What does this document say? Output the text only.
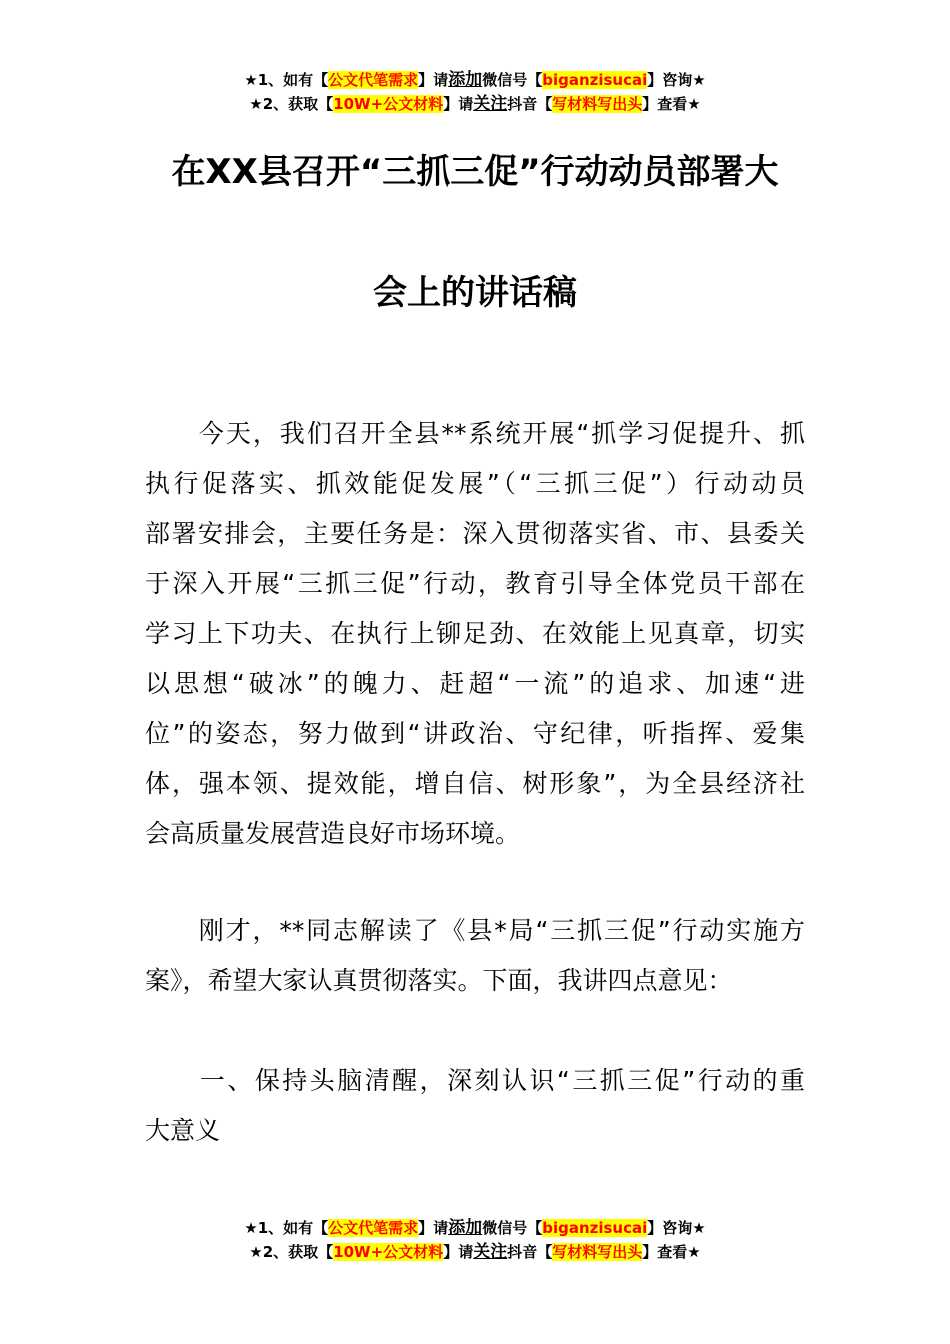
★1、如有【公文代笔需求】请添加微信号【biganzisucai】咨询★
★2、获取【10W+公文材料】请关注抖音【写材料写出头】查看★
在XX县召开“三抓三促”行动动员部署大
会上的讲话稿
　　今天，我们召开全县**系统开展“抓学习促提升、抓
执行促落实、抓效能促发展”（“三抓三促”）行动动员
部署安排会，主要任务是：深入贯彻落实省、市、县委关
于深入开展“三抓三促”行动，教育引导全体党员干部在
学习上下功夫、在执行上铆足劲、在效能上见真章，切实
以思想“破冰”的魄力、赶超“一流”的追求、加速“进
位”的姿态，努力做到“讲政治、守纪律，听指挥、爱集
体，强本领、提效能，增自信、树形象”，为全县经济社
会高质量发展营造良好市场环境。
　　刚才，**同志解读了《县*局“三抓三促”行动实施方
案》，希望大家认真贯彻落实。下面，我讲四点意见：
　　一、保持头脑清醒，深刻认识“三抓三促”行动的重
大意义
★1、如有【公文代笔需求】请添加微信号【biganzisucai】咨询★
★2、获取【10W+公文材料】请关注抖音【写材料写出头】查看★
